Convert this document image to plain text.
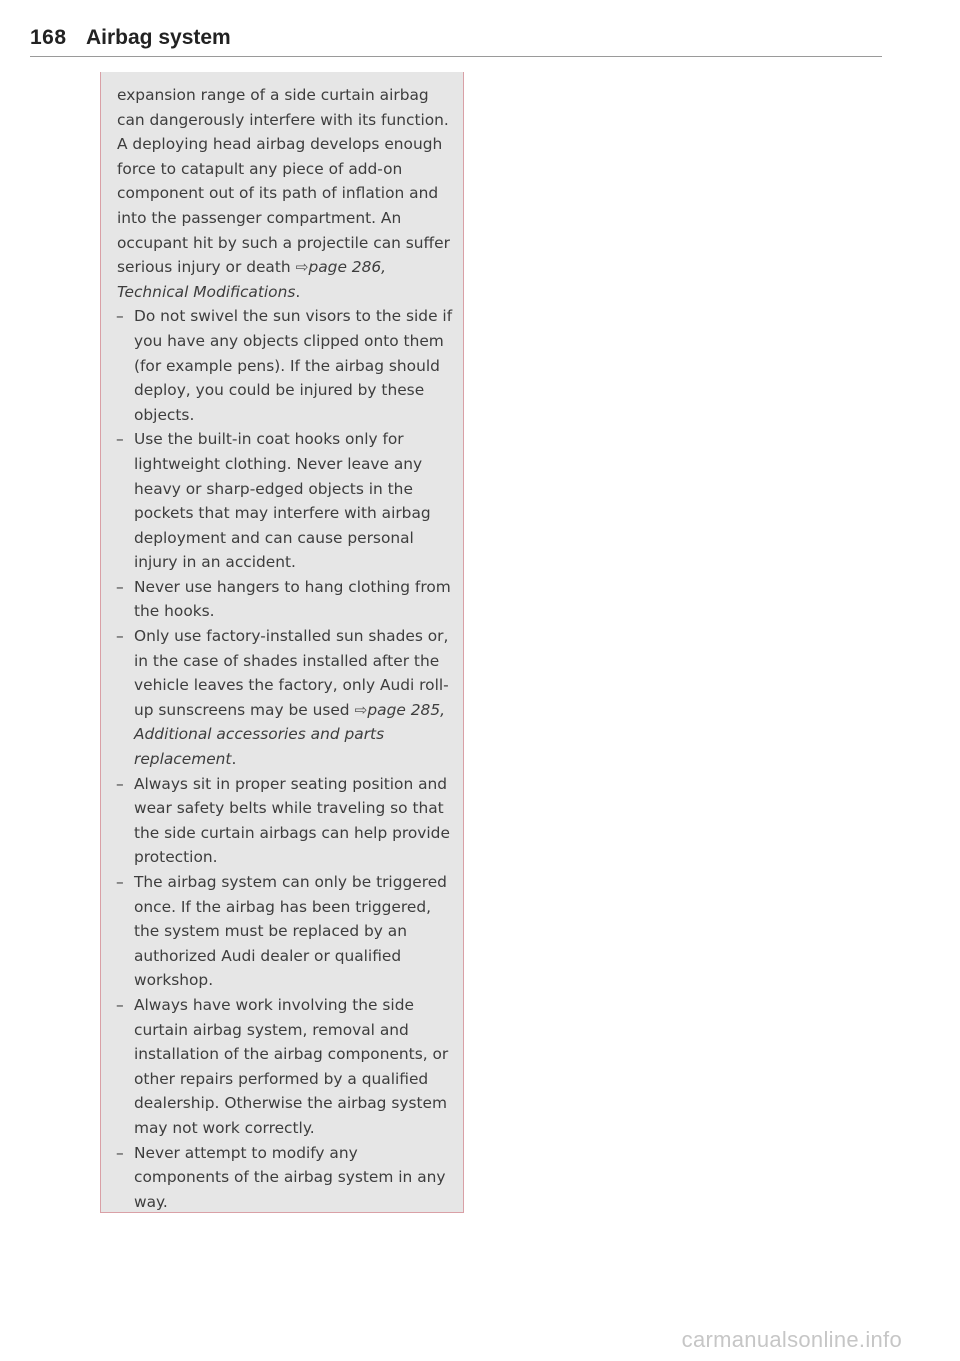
168 Airbag system

expansion range of a side curtain airbag can dangerously interfere with its function. A deploying head airbag develops enough force to catapult any piece of add-on component out of its path of inflation and into the passenger compartment. An occupant hit by such a projectile can suffer serious injury or death ⇨page 286, Technical Modifications.

– Do not swivel the sun visors to the side if you have any objects clipped onto them (for example pens). If the airbag should deploy, you could be injured by these objects.

– Use the built-in coat hooks only for lightweight clothing. Never leave any heavy or sharp-edged objects in the pockets that may interfere with airbag deployment and can cause personal injury in an accident.

– Never use hangers to hang clothing from the hooks.

– Only use factory-installed sun shades or, in the case of shades installed after the vehicle leaves the factory, only Audi roll-up sunscreens may be used ⇨page 285, Additional accessories and parts replacement.

– Always sit in proper seating position and wear safety belts while traveling so that the side curtain airbags can help provide protection.

– The airbag system can only be triggered once. If the airbag has been triggered, the system must be replaced by an authorized Audi dealer or qualified workshop.

– Always have work involving the side curtain airbag system, removal and installation of the airbag components, or other repairs performed by a qualified dealership. Otherwise the airbag system may not work correctly.

– Never attempt to modify any components of the airbag system in any way.

carmanualsonline.info
